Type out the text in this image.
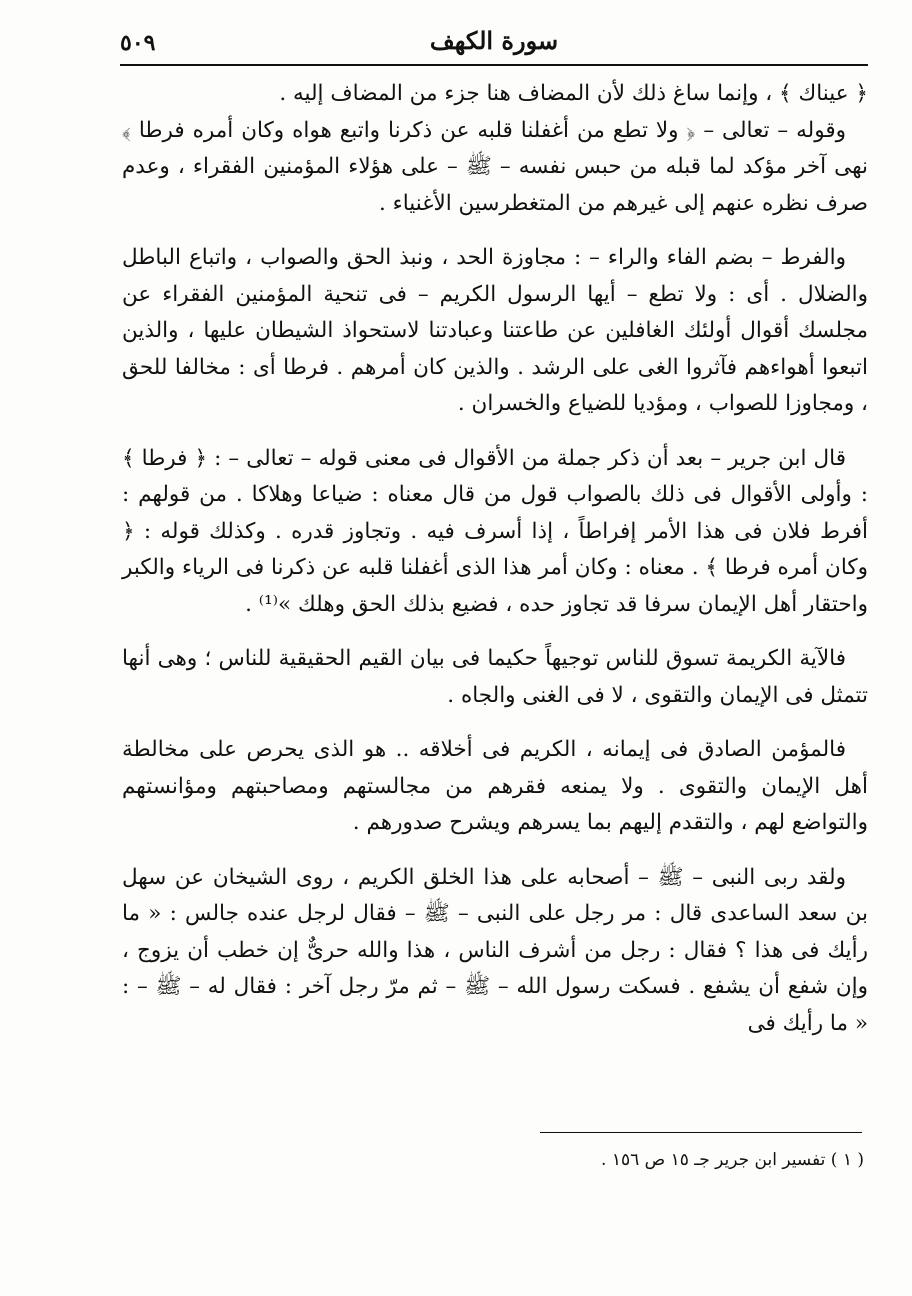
٥٠٩	سورة الكهف

﴿ عيناك ﴾ ، وإنما ساغ ذلك لأن المضاف هنا جزء من المضاف إليه .

وقوله – تعالى – ﴿ ولا تطع من أغفلنا قلبه عن ذكرنا واتبع هواه وكان أمره فرطا ﴾ نهى آخر مؤكد لما قبله من حبس نفسه – ﷺ – على هؤلاء المؤمنين الفقراء ، وعدم صرف نظره عنهم إلى غيرهم من المتغطرسين الأغنياء .

والفرط – بضم الفاء والراء – : مجاوزة الحد ، ونبذ الحق والصواب ، واتباع الباطل والضلال . أى : ولا تطع – أيها الرسول الكريم – فى تنحية المؤمنين الفقراء عن مجلسك أقوال أولئك الغافلين عن طاعتنا وعبادتنا لاستحواذ الشيطان عليها ، والذين اتبعوا أهواءهم فآثروا الغى على الرشد . والذين كان أمرهم . فرطا أى : مخالفا للحق ، ومجاوزا للصواب ، ومؤديا للضياع والخسران .

قال ابن جرير – بعد أن ذكر جملة من الأقوال فى معنى قوله – تعالى – : ﴿ فرطا ﴾ : وأولى الأقوال فى ذلك بالصواب قول من قال معناه : ضياعا وهلاكا . من قولهم : أفرط فلان فى هذا الأمر إفراطاً ، إذا أسرف فيه . وتجاوز قدره . وكذلك قوله : ﴿ وكان أمره فرطا ﴾ . معناه : وكان أمر هذا الذى أغفلنا قلبه عن ذكرنا فى الرياء والكبر واحتقار أهل الإيمان سرفا قد تجاوز حده ، فضيع بذلك الحق وهلك »⁽¹⁾ .

فالآية الكريمة تسوق للناس توجيهاً حكيما فى بيان القيم الحقيقية للناس ؛ وهى أنها تتمثل فى الإيمان والتقوى ، لا فى الغنى والجاه .

فالمؤمن الصادق فى إيمانه ، الكريم فى أخلاقه .. هو الذى يحرص على مخالطة أهل الإيمان والتقوى . ولا يمنعه فقرهم من مجالستهم ومصاحبتهم ومؤانستهم والتواضع لهم ، والتقدم إليهم بما يسرهم ويشرح صدورهم .

ولقد ربى النبى – ﷺ – أصحابه على هذا الخلق الكريم ، روى الشيخان عن سهل بن سعد الساعدى قال : مر رجل على النبى – ﷺ – فقال لرجل عنده جالس : « ما رأيك فى هذا ؟ فقال : رجل من أشرف الناس ، هذا والله حرىٌّ إن خطب أن يزوج ، وإن شفع أن يشفع . فسكت رسول الله – ﷺ – ثم مرّ رجل آخر : فقال له – ﷺ – : « ما رأيك فى

( ١ ) تفسير ابن جرير جـ ١٥ ص ١٥٦ .
